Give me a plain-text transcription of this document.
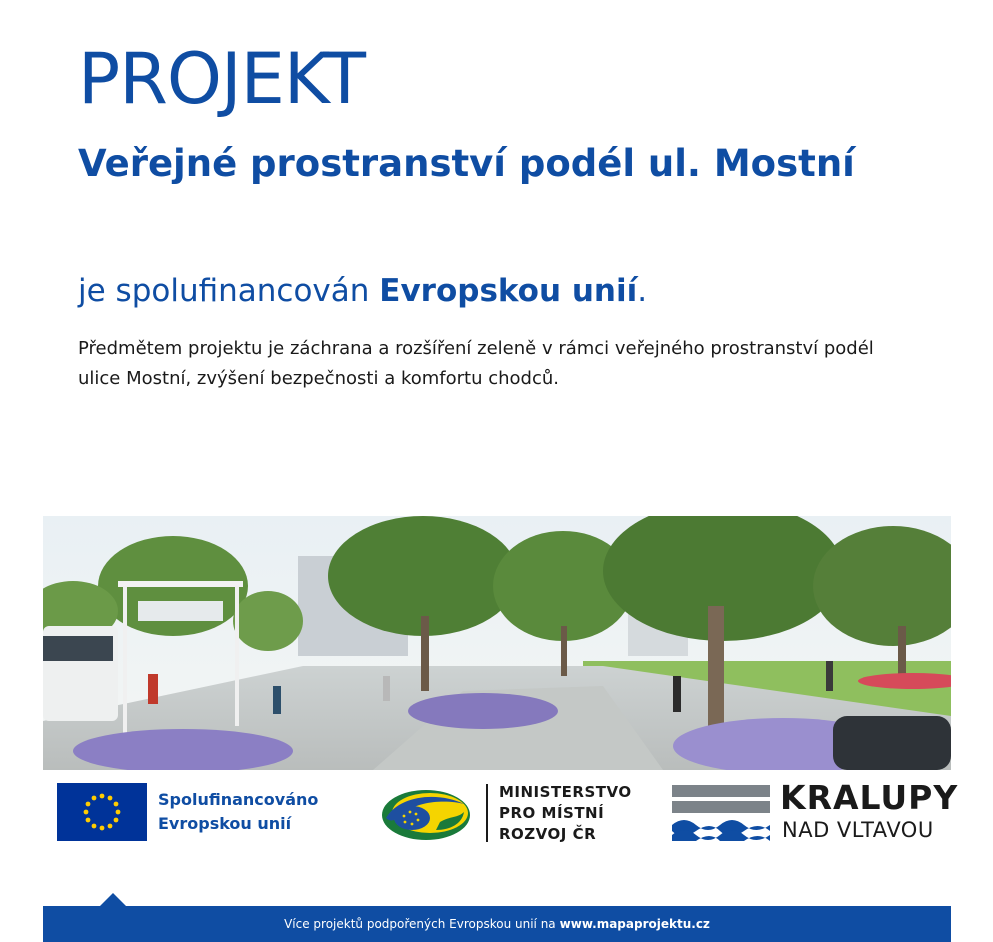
PROJEKT
Veřejné prostranství podél ul. Mostní
je spolufinancován Evropskou unií.
Předmětem projektu je záchrana a rozšíření zeleně v rámci veřejného prostranství podél ulice Mostní, zvýšení bezpečnosti a komfortu chodců.
Spolufinancováno
Evropskou unií
MINISTERSTVO
PRO MÍSTNÍ
ROZVOJ ČR
KRALUPY
NAD VLTAVOU
Více projektů podpořených Evropskou unií na www.mapaprojektu.cz
